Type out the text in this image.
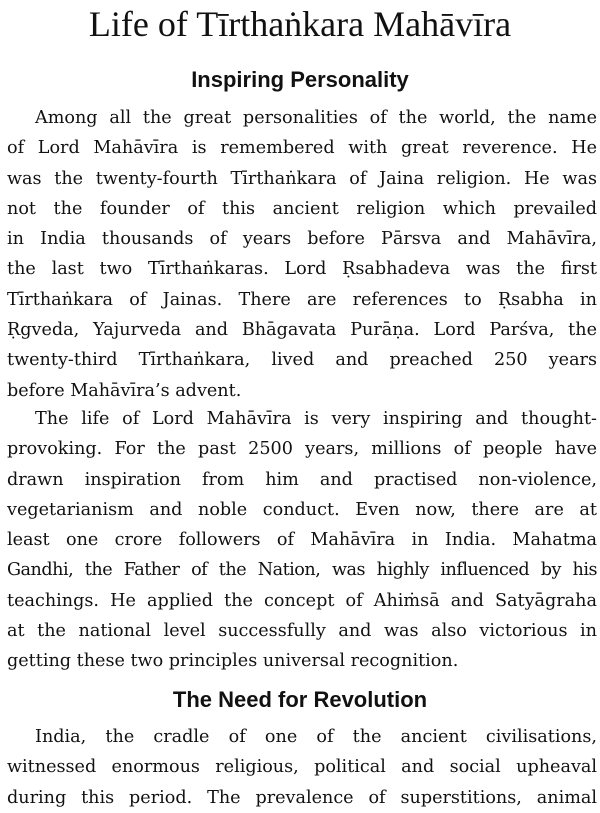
Life of Tīrthaṅkara Mahāvīra
Inspiring Personality

Among all the great personalities of the world, the name
of Lord Mahāvīra is remembered with great reverence. He
was the twenty-fourth Tīrthaṅkara of Jaina religion. He was
not the founder of this ancient religion which prevailed
in India thousands of years before Pārsva and Mahāvīra,
the last two Tīrthaṅkaras. Lord Ṛsabhadeva was the first
Tīrthaṅkara of Jainas. There are references to Ṛsabha in
Ṛgveda, Yajurveda and Bhāgavata Purāṇa. Lord Parśva, the
twenty-third Tīrthaṅkara, lived and preached 250 years
before Mahāvīra’s advent.

The life of Lord Mahāvīra is very inspiring and thought-
provoking. For the past 2500 years, millions of people have
drawn inspiration from him and practised non-violence,
vegetarianism and noble conduct. Even now, there are at
least one crore followers of Mahāvīra in India. Mahatma
Gandhi, the Father of the Nation, was highly influenced by his
teachings. He applied the concept of Ahiṁsā and Satyāgraha
at the national level successfully and was also victorious in
getting these two principles universal recognition.

The Need for Revolution

India, the cradle of one of the ancient civilisations,
witnessed enormous religious, political and social upheaval
during this period. The prevalence of superstitions, animal
